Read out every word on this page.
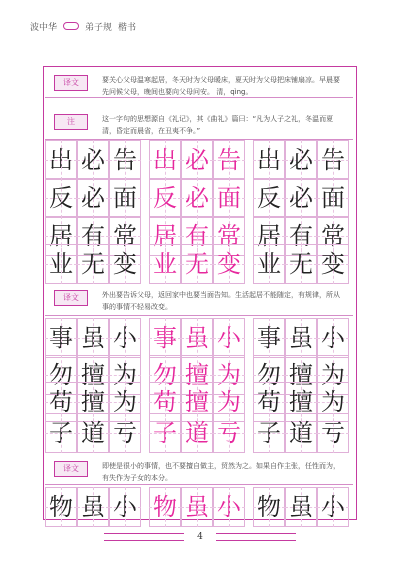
波中华	弟子规 楷书
译文	要关心父母温寒起居，冬天时为父母暖床，夏天时为父母把床铺扇凉。早晨要先问候父母，晚间也要向父母问安。 清，qìng。
注	这一字句的思想源自《礼记》，其《曲礼》篇曰：“凡为人子之礼，冬温而夏清，昏定而晨省，在丑夷不争。”
译文	外出要告诉父母，返回家中也要当面告知。生活起居不能随定，有规律，所从事的事情不轻易改变。
译文	即使是很小的事情，也不要擅自做主，贸然为之。如果自作主张，任性而为，有失作为子女的本分。
4
出 必 告 出 必 告 出 必 告
反 必 面 反 必 面 反 必 面
居 有 常 居 有 常 居 有 常
业 无 变 业 无 变 业 无 变
事 虽 小 事 虽 小 事 虽 小
勿 擅 为 勿 擅 为 勿 擅 为
苟 擅 为 苟 擅 为 苟 擅 为
子 道 亏 子 道 亏 子 道 亏
物 虽 小 物 虽 小 物 虽 小
